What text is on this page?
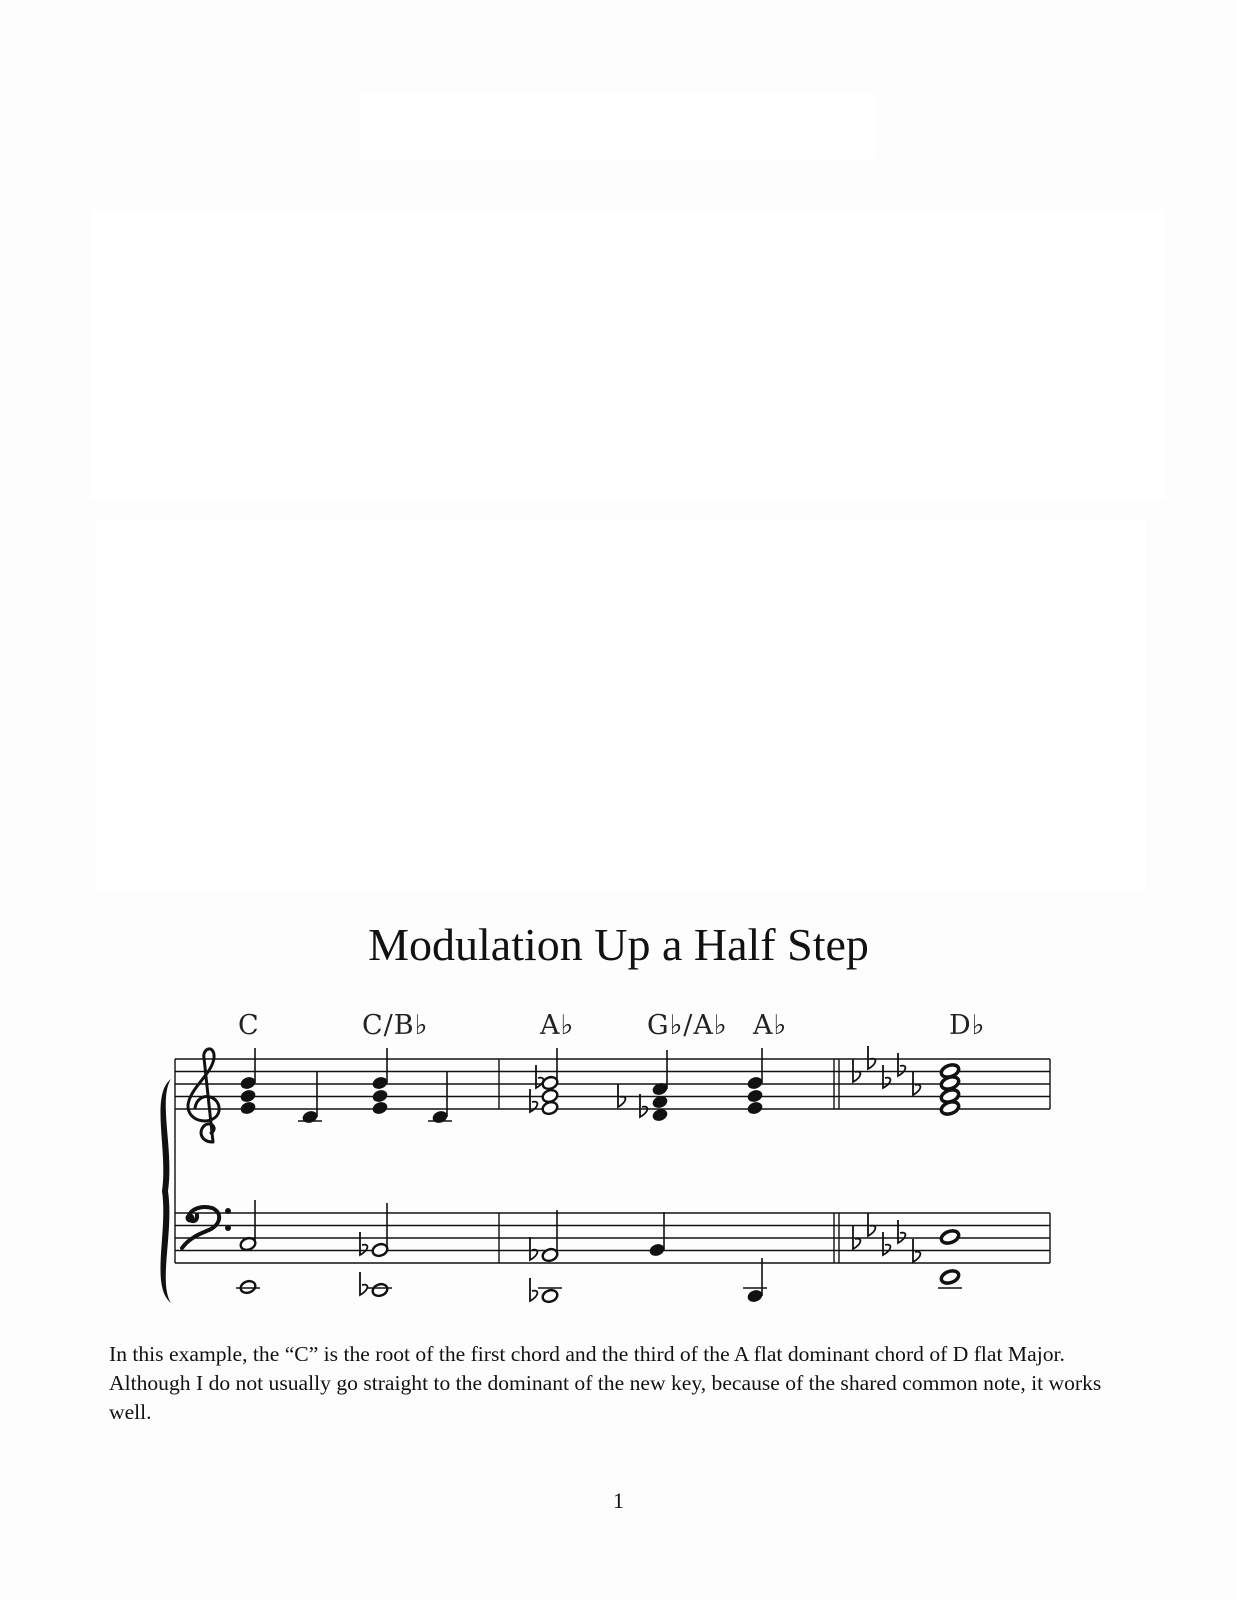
Modulation Up a Half Step
C	C/B♭	A♭	G♭/A♭ A♭	D♭
In this example, the “C” is the root of the first chord and the third of the A flat dominant chord of D flat Major. Although I do not usually go straight to the dominant of the new key, because of the shared common note, it works well.
1
